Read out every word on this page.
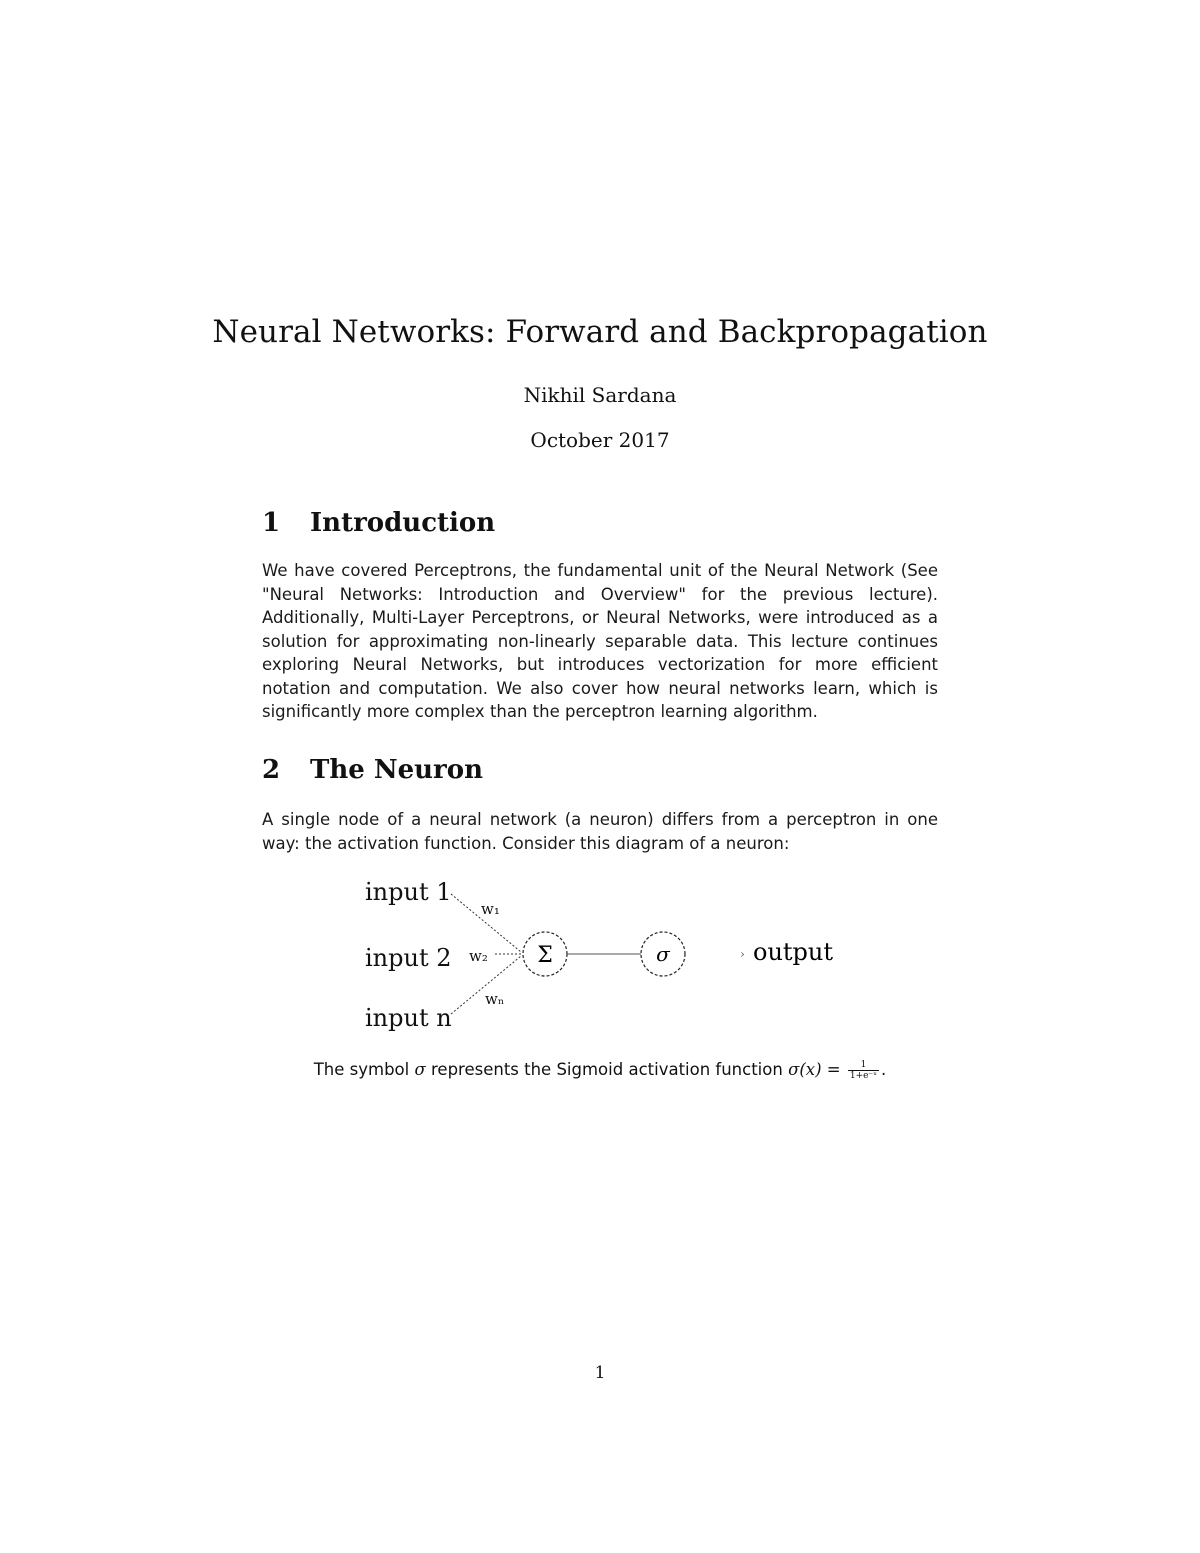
Neural Networks: Forward and Backpropagation
Nikhil Sardana
October 2017
1 Introduction

We have covered Perceptrons, the fundamental unit of the Neural Network (See "Neural Networks: Introduction and Overview" for the previous lecture). Additionally, Multi-Layer Perceptrons, or Neural Networks, were introduced as a solution for approximating non-linearly separable data. This lecture continues exploring Neural Networks, but introduces vectorization for more efficient notation and computation. We also cover how neural networks learn, which is significantly more complex than the perceptron learning algorithm.

2 The Neuron

A single node of a neural network (a neuron) differs from a perceptron in one way: the activation function. Consider this diagram of a neuron:

input 1
input 2
input n
w₁
w₂
wₙ
Σ	σ	› output
The symbol σ represents the Sigmoid activation function $\sigma(x) = \frac{1}{\text{1+e⁻ˣ}}$ .
1
